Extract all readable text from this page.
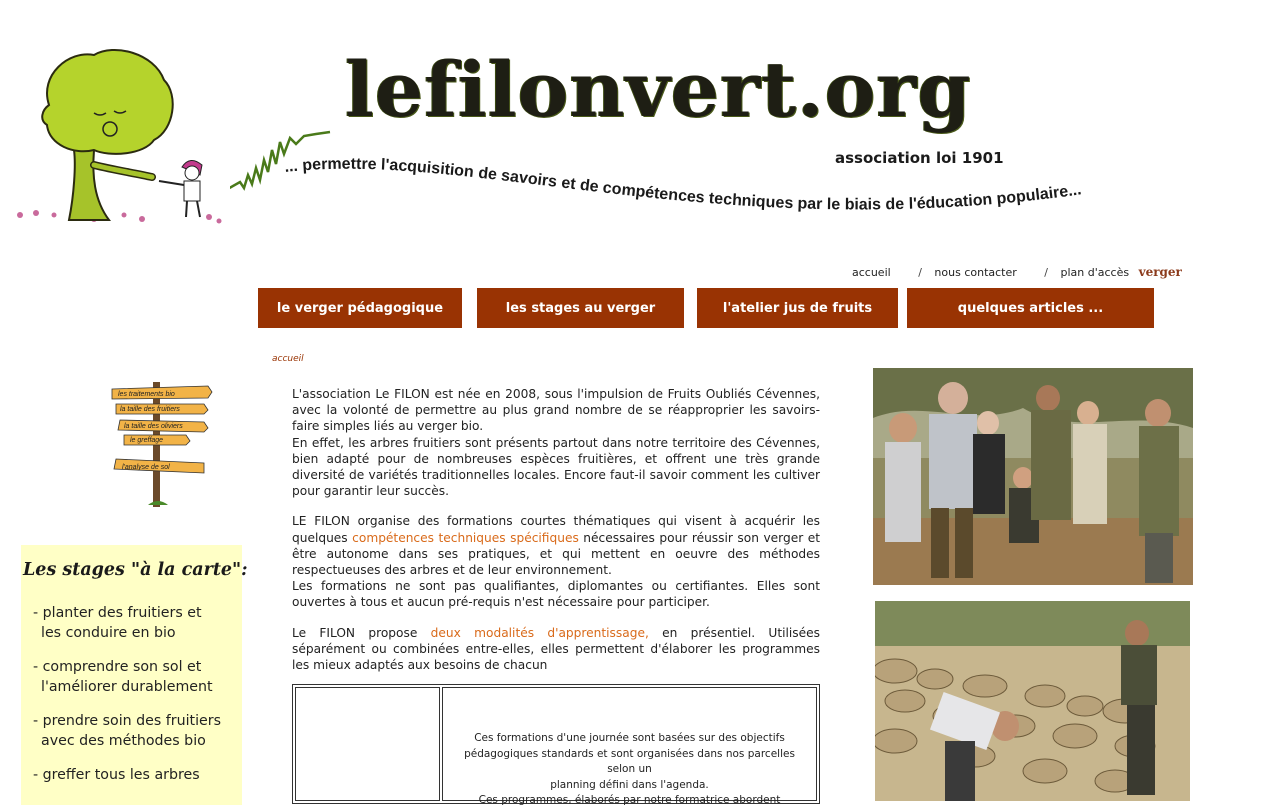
... permettre l'acquisition de savoirs et de compétences techniques par le biais de l'éducation populaire...
lefilonvert.org
association loi 1901
accueil	/ nous contacter	/ plan d'accès verger
le verger pédagogique	les stages au verger	l'atelier jus de fruits	quelques articles ...
accueil
les traitements bio
la taille des fruitiers
la taille des oliviers
le greffage
l'analyse de sol
Les stages "à la carte":
- planter des fruitiers et
les conduire en bio
- comprendre son sol et
l'améliorer durablement
- prendre soin des fruitiers
avec des méthodes bio
- greffer tous les arbres

L'association Le FILON est née en 2008, sous l'impulsion de Fruits Oubliés Cévennes, avec la volonté de permettre au plus grand nombre de se réapproprier les savoirs-faire simples liés au verger bio.
En effet, les arbres fruitiers sont présents partout dans notre territoire des Cévennes, bien adapté pour de nombreuses espèces fruitières, et offrent une très grande diversité de variétés traditionnelles locales. Encore faut-il savoir comment les cultiver pour garantir leur succès.

LE FILON organise des formations courtes thématiques qui visent à acquérir les quelques compétences techniques spécifiques nécessaires pour réussir son verger et être autonome dans ses pratiques, et qui mettent en oeuvre des méthodes respectueuses des arbres et de leur environnement.
Les formations ne sont pas qualifiantes, diplomantes ou certifiantes. Elles sont ouvertes à tous et aucun pré-requis n'est nécessaire pour participer.

Le FILON propose deux modalités d'apprentissage, en présentiel. Utilisées séparément ou combinées entre-elles, elles permettent d'élaborer les programmes les mieux adaptés aux besoins de chacun

Ces formations d'une journée sont basées sur des objectifs
pédagogiques standards et sont organisées dans nos parcelles selon un
planning défini dans l'agenda.
Ces programmes, élaborés par notre formatrice abordent
